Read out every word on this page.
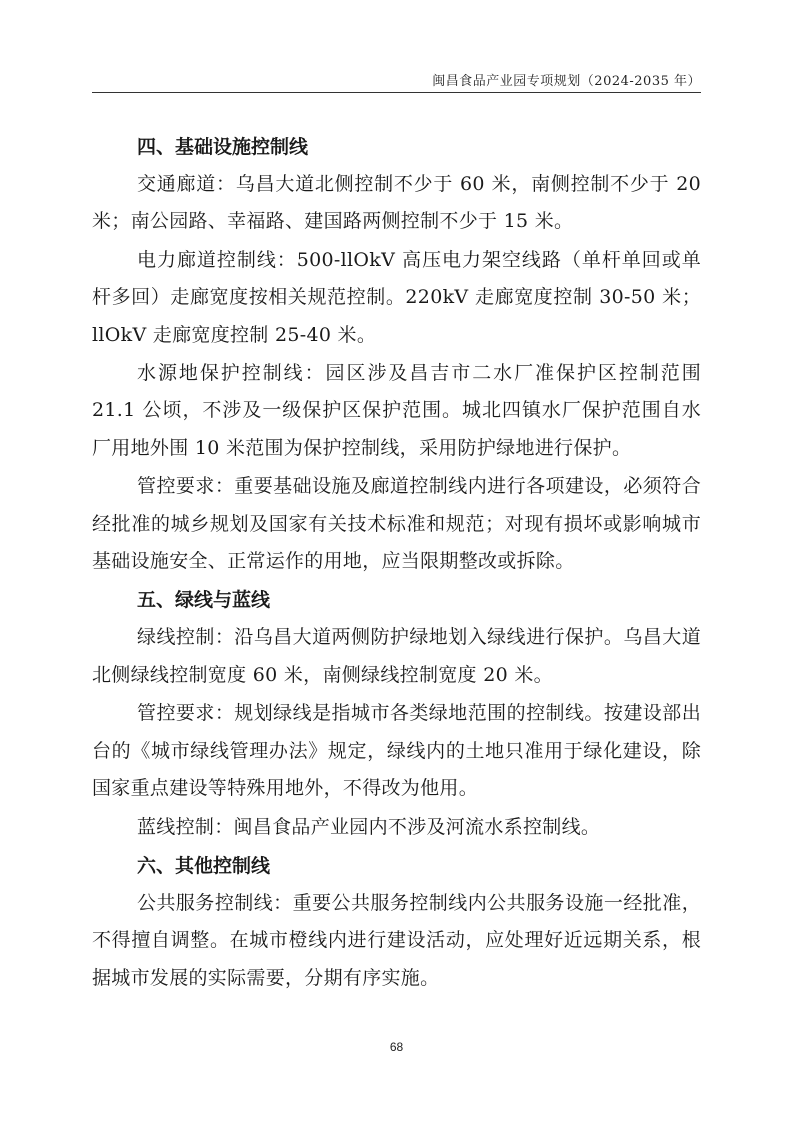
闽昌食品产业园专项规划（2024-2035 年）
四、基础设施控制线

交通廊道：乌昌大道北侧控制不少于 60 米，南侧控制不少于 20 米；南公园路、幸福路、建国路两侧控制不少于 15 米。

电力廊道控制线：500-llOkV 高压电力架空线路（单杆单回或单杆多回）走廊宽度按相关规范控制。220kV 走廊宽度控制 30-50 米；llOkV 走廊宽度控制 25-40 米。

水源地保护控制线：园区涉及昌吉市二水厂准保护区控制范围 21.1 公顷，不涉及一级保护区保护范围。城北四镇水厂保护范围自水厂用地外围 10 米范围为保护控制线，采用防护绿地进行保护。

管控要求：重要基础设施及廊道控制线内进行各项建设，必须符合经批准的城乡规划及国家有关技术标准和规范；对现有损坏或影响城市基础设施安全、正常运作的用地，应当限期整改或拆除。

五、绿线与蓝线

绿线控制：沿乌昌大道两侧防护绿地划入绿线进行保护。乌昌大道北侧绿线控制宽度 60 米，南侧绿线控制宽度 20 米。

管控要求：规划绿线是指城市各类绿地范围的控制线。按建设部出台的《城市绿线管理办法》规定，绿线内的土地只准用于绿化建设，除国家重点建设等特殊用地外，不得改为他用。

蓝线控制：闽昌食品产业园内不涉及河流水系控制线。

六、其他控制线

公共服务控制线：重要公共服务控制线内公共服务设施一经批准，不得擅自调整。在城市橙线内进行建设活动，应处理好近远期关系，根据城市发展的实际需要，分期有序实施。

68
